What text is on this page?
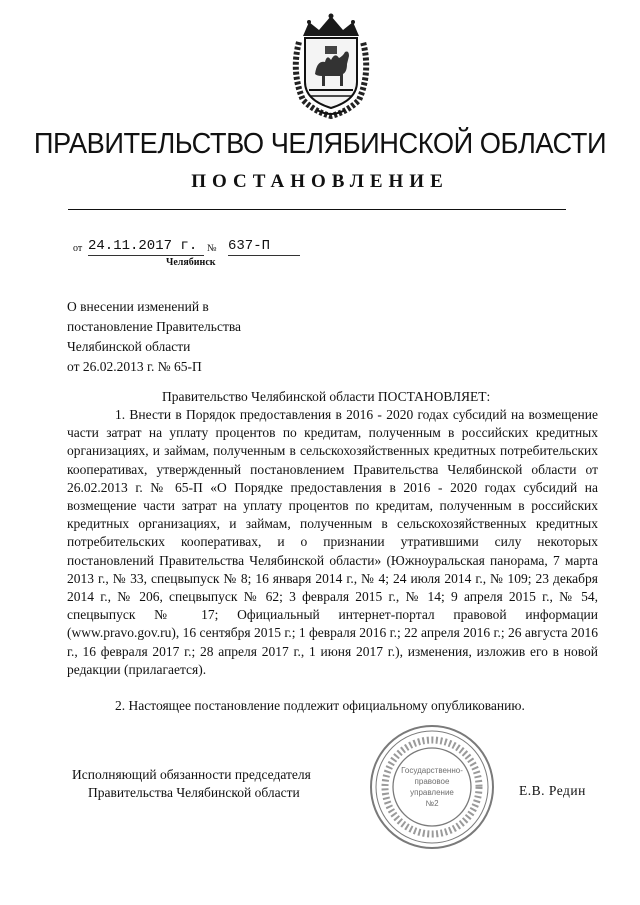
ПРАВИТЕЛЬСТВО ЧЕЛЯБИНСКОЙ ОБЛАСТИ
ПОСТАНОВЛЕНИЕ
от 24.11.2017 г. № 637-П
Челябинск
О внесении изменений в
постановление Правительства
Челябинской области
от 26.02.2013 г. № 65-П
Правительство Челябинской области ПОСТАНОВЛЯЕТ:
1. Внести в Порядок предоставления в 2016 - 2020 годах субсидий на возмещение части затрат на уплату процентов по кредитам, полученным в российских кредитных организациях, и займам, полученным в сельскохозяйственных кредитных потребительских кооперативах, утвержденный постановлением Правительства Челябинской области от 26.02.2013 г. № 65-П «О Порядке предоставления в 2016 - 2020 годах субсидий на возмещение части затрат на уплату процентов по кредитам, полученным в российских кредитных организациях, и займам, полученным в сельскохозяйственных кредитных потребительских кооперативах, и о признании утратившими силу некоторых постановлений Правительства Челябинской области» (Южноуральская панорама, 7 марта 2013 г., № 33, спецвыпуск № 8; 16 января 2014 г., № 4; 24 июля 2014 г., № 109; 23 декабря 2014 г., № 206, спецвыпуск № 62; 3 февраля 2015 г., № 14; 9 апреля 2015 г., № 54, спецвыпуск № 17; Официальный интернет-портал правовой информации (www.pravo.gov.ru), 16 сентября 2015 г.; 1 февраля 2016 г.; 22 апреля 2016 г.; 26 августа 2016 г., 16 февраля 2017 г.; 28 апреля 2017 г., 1 июня 2017 г.), изменения, изложив его в новой редакции (прилагается).
2. Настоящее постановление подлежит официальному опубликованию.
Исполняющий обязанности председателя
Правительства Челябинской области	Е.В. Редин
Государственно-
правовое
управление
№2
